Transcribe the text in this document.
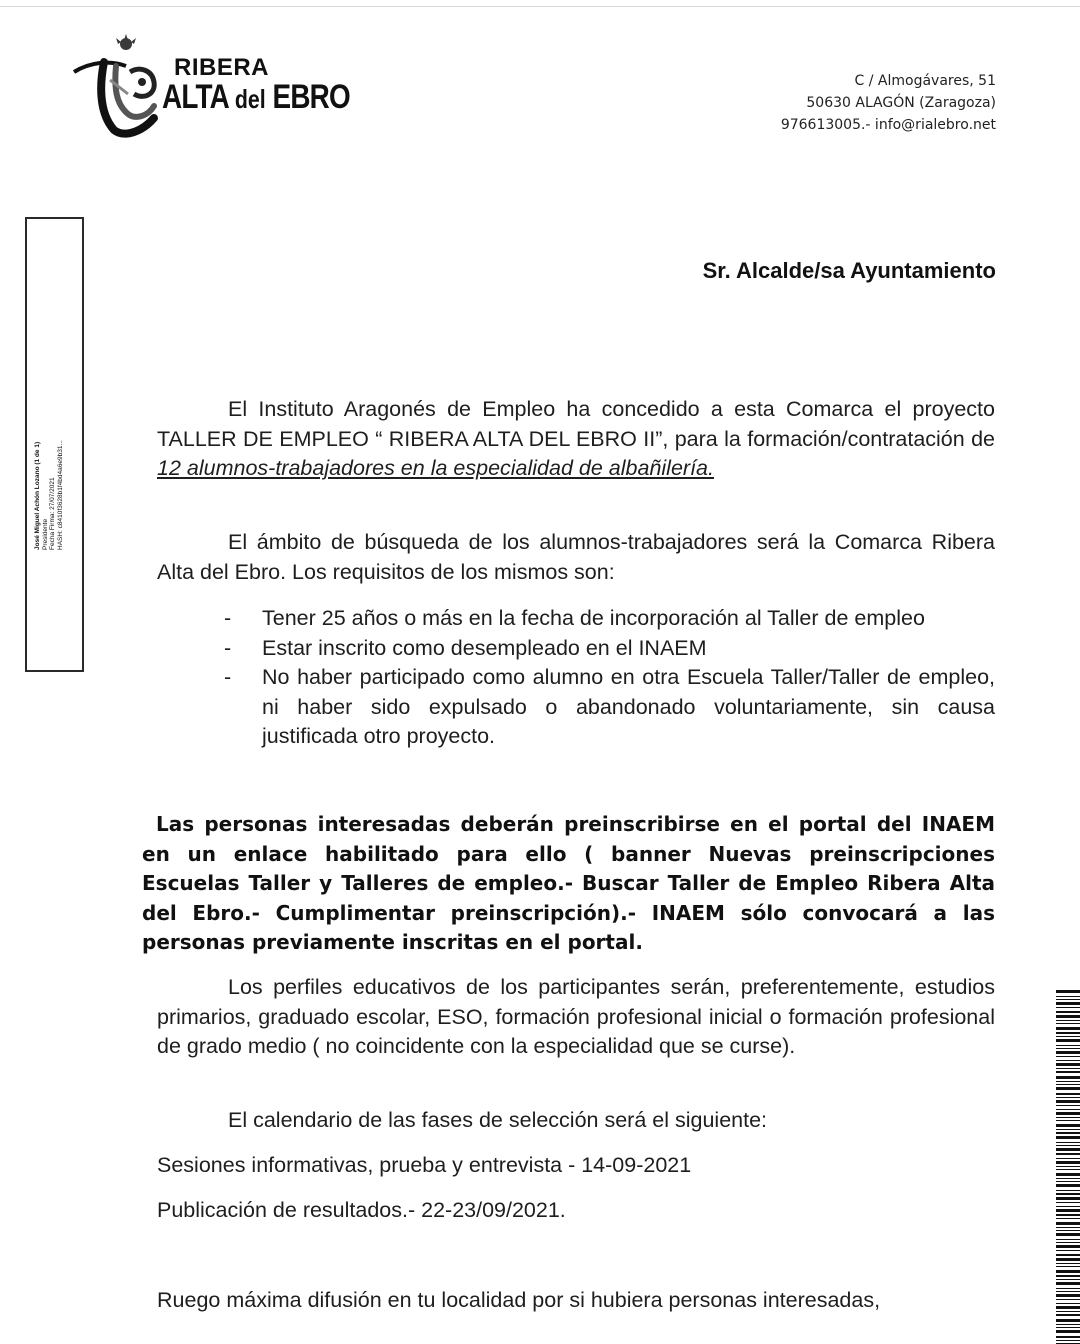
RIBERA
ALTA del EBRO	C / Almogávares, 51
50630 ALAGÓN (Zaragoza)
976613005.- info@rialebro.net
José Miguel Achón Lozano (1 de 1) Presidente Fecha Firma: 27/07/2021 HASH: c8410f3628b1f4bd4a6e9b31...
Sr. Alcalde/sa Ayuntamiento

El Instituto Aragonés de Empleo ha concedido a esta Comarca el proyecto TALLER DE EMPLEO “ RIBERA ALTA DEL EBRO II”, para la formación/contratación de 12 alumnos-trabajadores en la especialidad de albañilería.

El ámbito de búsqueda de los alumnos-trabajadores será la Comarca Ribera Alta del Ebro. Los requisitos de los mismos son:

- Tener 25 años o más en la fecha de incorporación al Taller de empleo
- Estar inscrito como desempleado en el INAEM
- No haber participado como alumno en otra Escuela Taller/Taller de empleo, ni haber sido expulsado o abandonado voluntariamente, sin causa justificada otro proyecto.

Las personas interesadas deberán preinscribirse en el portal del INAEM en un enlace habilitado para ello ( banner Nuevas preinscripciones Escuelas Taller y Talleres de empleo.- Buscar Taller de Empleo Ribera Alta del Ebro.- Cumplimentar preinscripción).- INAEM sólo convocará a las personas previamente inscritas en el portal.

Los perfiles educativos de los participantes serán, preferentemente, estudios primarios, graduado escolar, ESO, formación profesional inicial o formación profesional de grado medio ( no coincidente con la especialidad que se curse).

El calendario de las fases de selección será el siguiente:

Sesiones informativas, prueba y entrevista - 14-09-2021
Publicación de resultados.- 22-23/09/2021.
Ruego máxima difusión en tu localidad por si hubiera personas interesadas,
